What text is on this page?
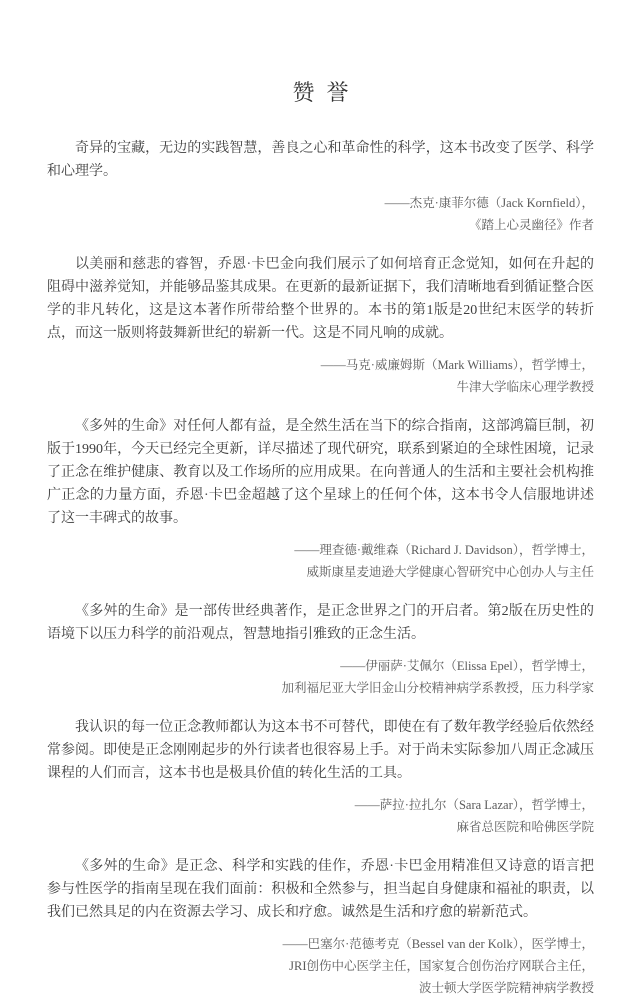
赞誉

奇异的宝藏，无边的实践智慧，善良之心和革命性的科学，这本书改变了医学、科学和心理学。

——杰克·康菲尔德（Jack Kornfield），
《踏上心灵幽径》作者

以美丽和慈悲的睿智，乔恩·卡巴金向我们展示了如何培育正念觉知，如何在升起的阻碍中滋养觉知，并能够品鉴其成果。在更新的最新证据下，我们清晰地看到循证整合医学的非凡转化，这是这本著作所带给整个世界的。本书的第1版是20世纪末医学的转折点，而这一版则将鼓舞新世纪的崭新一代。这是不同凡响的成就。

——马克·威廉姆斯（Mark Williams），哲学博士，
牛津大学临床心理学教授

《多舛的生命》对任何人都有益，是全然生活在当下的综合指南，这部鸿篇巨制，初版于1990年，今天已经完全更新，详尽描述了现代研究，联系到紧迫的全球性困境，记录了正念在维护健康、教育以及工作场所的应用成果。在向普通人的生活和主要社会机构推广正念的力量方面，乔恩·卡巴金超越了这个星球上的任何个体，这本书令人信服地讲述了这一丰碑式的故事。

——理查德·戴维森（Richard J. Davidson），哲学博士，
威斯康星麦迪逊大学健康心智研究中心创办人与主任

《多舛的生命》是一部传世经典著作，是正念世界之门的开启者。第2版在历史性的语境下以压力科学的前沿观点，智慧地指引雅致的正念生活。

——伊丽萨·艾佩尔（Elissa Epel），哲学博士，
加利福尼亚大学旧金山分校精神病学系教授，压力科学家

我认识的每一位正念教师都认为这本书不可替代，即使在有了数年教学经验后依然经常参阅。即使是正念刚刚起步的外行读者也很容易上手。对于尚未实际参加八周正念减压课程的人们而言，这本书也是极具价值的转化生活的工具。

——萨拉·拉扎尔（Sara Lazar），哲学博士，
麻省总医院和哈佛医学院

《多舛的生命》是正念、科学和实践的佳作，乔恩·卡巴金用精准但又诗意的语言把参与性医学的指南呈现在我们面前：积极和全然参与，担当起自身健康和福祉的职责，以我们已然具足的内在资源去学习、成长和疗愈。诚然是生活和疗愈的崭新范式。

——巴塞尔·范德考克（Bessel van der Kolk），医学博士，
JRI创伤中心医学主任，国家复合创伤治疗网联合主任，
波士顿大学医学院精神病学教授
